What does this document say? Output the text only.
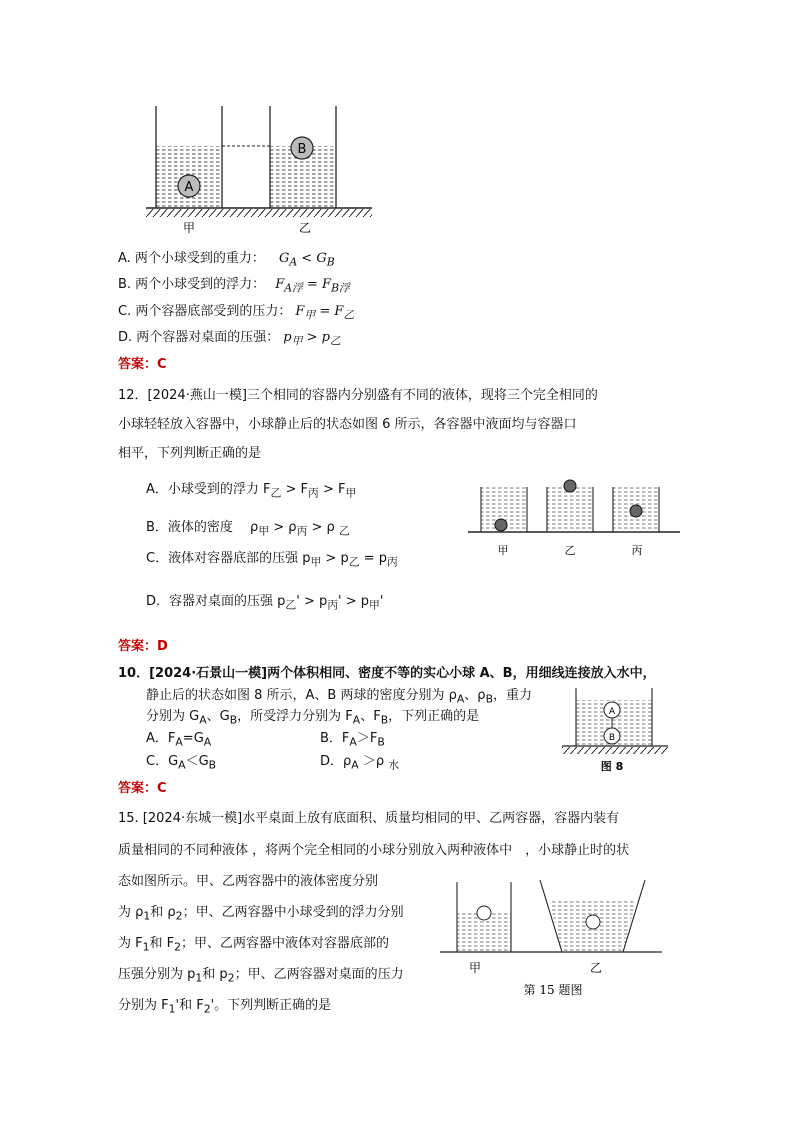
A
B
甲	乙
A. 两个小球受到的重力： $G_A < G_B$
B. 两个小球受到的浮力： $F_{A浮} = F_{B浮}$
C. 两个容器底部受到的压力： $F_甲 = F_乙$
D. 两个容器对桌面的压强： $p_甲 > p_乙$
答案：C
12．[2024·燕山一模]三个相同的容器内分别盛有不同的液体，现将三个完全相同的
小球轻轻放入容器中，小球静止后的状态如图 6 所示，各容器中液面均与容器口
相平，下列判断正确的是
A．小球受到的浮力 $F_乙 > F_丙 > F_甲$
B．液体的密度　 $\rho_甲 > \rho_丙 > \rho$ $_乙$
C．液体对容器底部的压强 $p_甲 > p_乙 = p_丙$
D．容器对桌面的压强 $p_乙' > p_丙' > p_甲'$
答案：D
甲	乙	丙
10．[2024·石景山一模]两个体积相同、密度不等的实心小球 A、B，用细线连接放入水中，
静止后的状态如图 8 所示，A、B 两球的密度分别为 $\rho_A$、$\rho_B$，重力
分别为 $G_A$、$G_B$，所受浮力分别为 $F_A$、$F_B$，下列正确的是
A．$F_A=G_A$	B．$F_A>F_B$
C．$G_A<G_B$	D．$\rho_A >\rho$ $_水$
答案：C
A
B
图 8
15. [2024·东城一模]水平桌面上放有底面积、质量均相同的甲、乙两容器，容器内装有
质量相同的不同种液体 ，将两个完全相同的小球分别放入两种液体中　，小球静止时的状
态如图所示。甲、乙两容器中的液体密度分别
为 $\rho_1$和 $\rho_2$；甲、乙两容器中小球受到的浮力分别
为 $F_1$和 $F_2$；甲、乙两容器中液体对容器底部的
压强分别为 $p_1$和 $p_2$；甲、乙两容器对桌面的压力
分别为 $F_1'$和 $F_2'$。下列判断正确的是
甲	乙
第 15 题图
